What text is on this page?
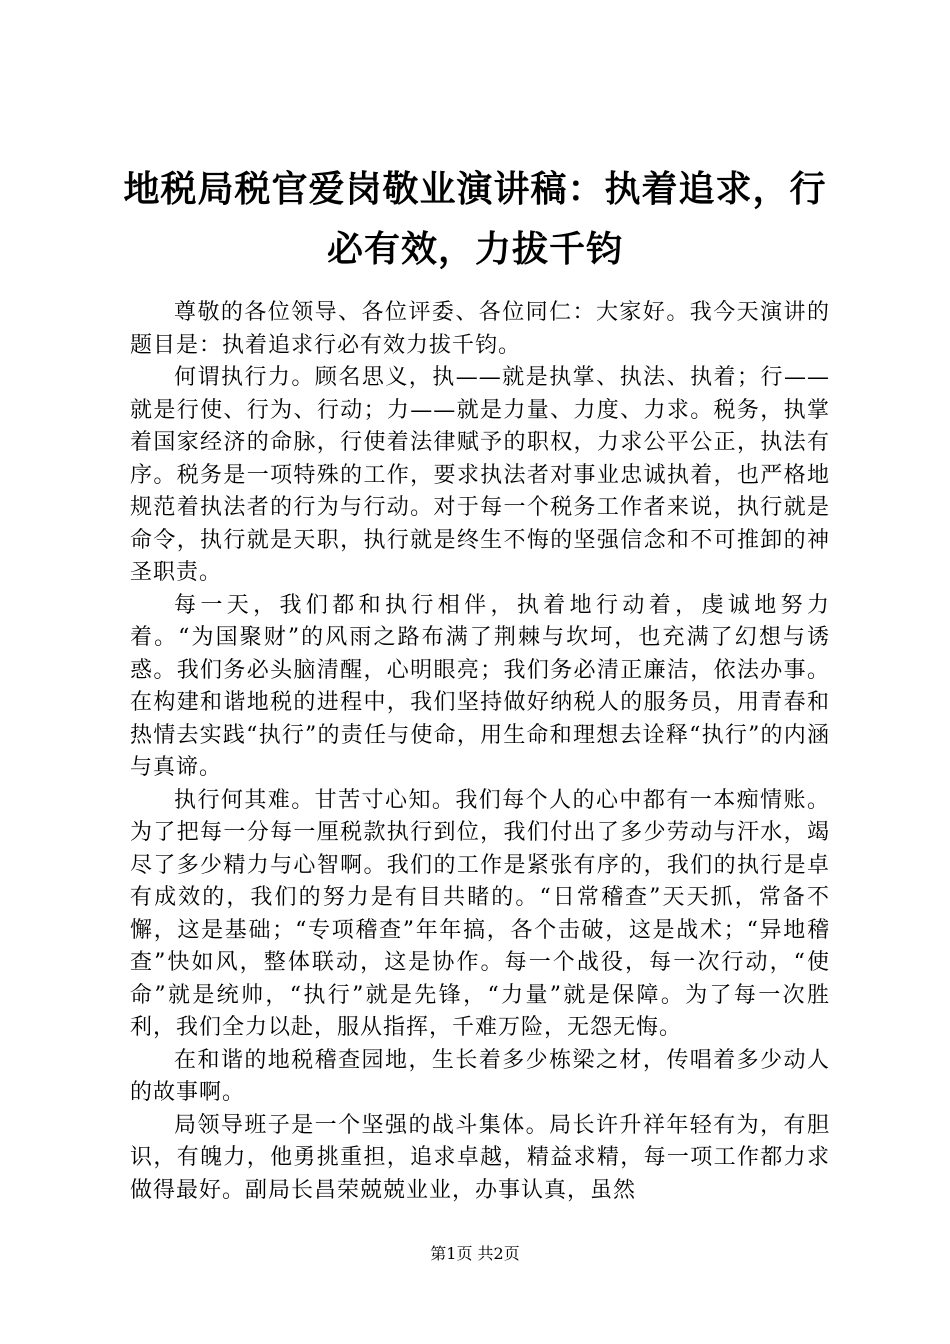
地税局税官爱岗敬业演讲稿：执着追求，行必有效，力拔千钧

尊敬的各位领导、各位评委、各位同仁：大家好。我今天演讲的题目是：执着追求行必有效力拔千钧。

何谓执行力。顾名思义，执——就是执掌、执法、执着；行——就是行使、行为、行动；力——就是力量、力度、力求。税务，执掌着国家经济的命脉，行使着法律赋予的职权，力求公平公正，执法有序。税务是一项特殊的工作，要求执法者对事业忠诚执着，也严格地规范着执法者的行为与行动。对于每一个税务工作者来说，执行就是命令，执行就是天职，执行就是终生不悔的坚强信念和不可推卸的神圣职责。

每一天，我们都和执行相伴，执着地行动着，虔诚地努力着。“为国聚财”的风雨之路布满了荆棘与坎坷，也充满了幻想与诱惑。我们务必头脑清醒，心明眼亮；我们务必清正廉洁，依法办事。在构建和谐地税的进程中，我们坚持做好纳税人的服务员，用青春和热情去实践“执行”的责任与使命，用生命和理想去诠释“执行”的内涵与真谛。

执行何其难。甘苦寸心知。我们每个人的心中都有一本痴情账。为了把每一分每一厘税款执行到位，我们付出了多少劳动与汗水，竭尽了多少精力与心智啊。我们的工作是紧张有序的，我们的执行是卓有成效的，我们的努力是有目共睹的。“日常稽查”天天抓，常备不懈，这是基础；“专项稽查”年年搞，各个击破，这是战术；“异地稽查”快如风，整体联动，这是协作。每一个战役，每一次行动，“使命”就是统帅，“执行”就是先锋，“力量”就是保障。为了每一次胜利，我们全力以赴，服从指挥，千难万险，无怨无悔。

在和谐的地税稽查园地，生长着多少栋梁之材，传唱着多少动人的故事啊。

局领导班子是一个坚强的战斗集体。局长许升祥年轻有为，有胆识，有魄力，他勇挑重担，追求卓越，精益求精，每一项工作都力求做得最好。副局长昌荣兢兢业业，办事认真，虽然

第1页 共2页
